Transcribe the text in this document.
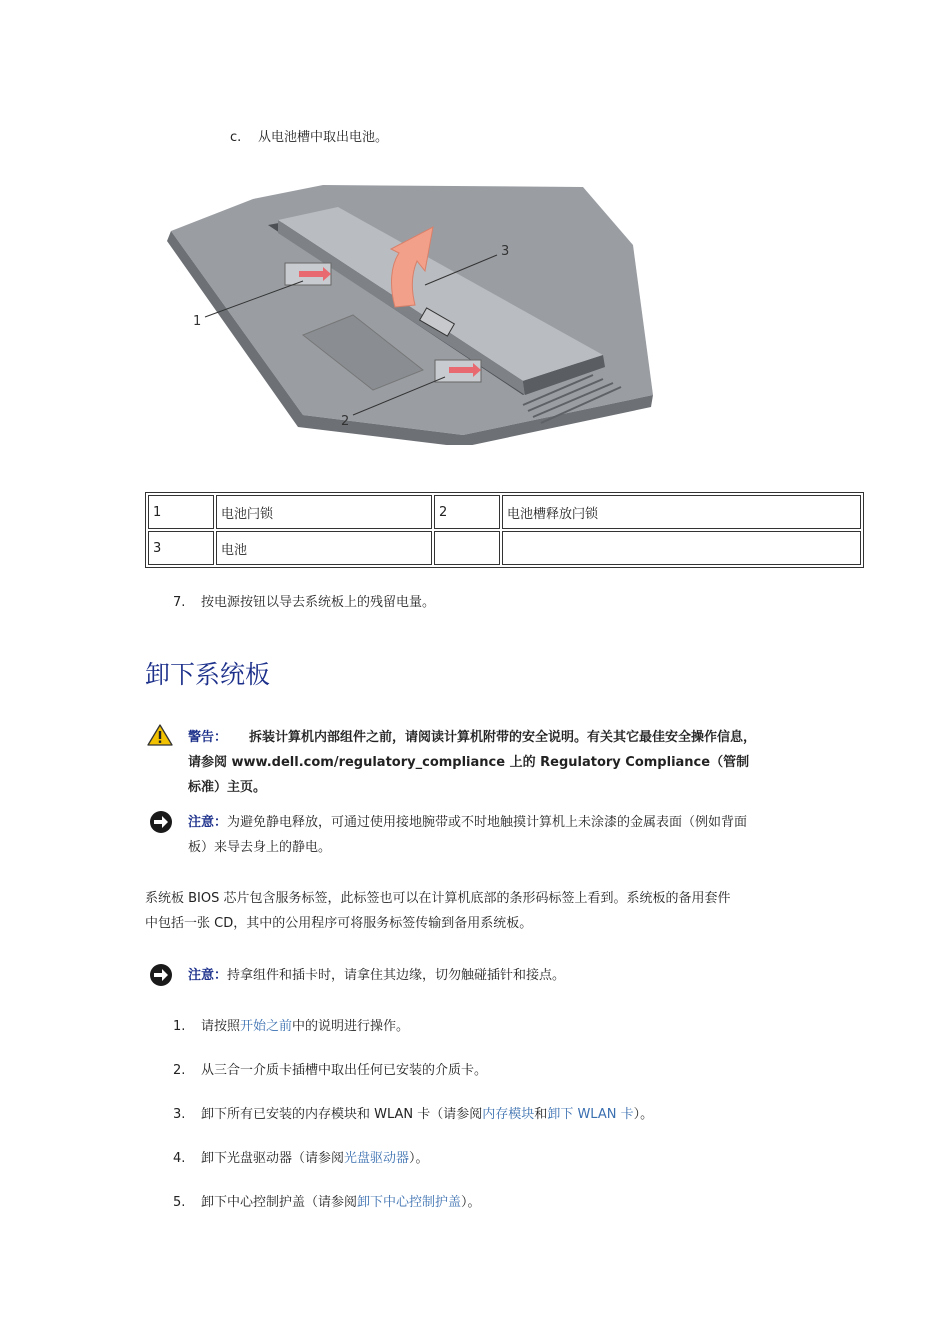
c. 从电池槽中取出电池。
1
2
3
1	电池闩锁	2	电池槽释放闩锁
3	电池		
7. 按电源按钮以导去系统板上的残留电量。
卸下系统板
警告： 拆装计算机内部组件之前，请阅读计算机附带的安全说明。有关其它最佳安全操作信息，
请参阅 www.dell.com/regulatory_compliance 上的 Regulatory Compliance（管制
标准）主页。
注意：为避免静电释放，可通过使用接地腕带或不时地触摸计算机上未涂漆的金属表面（例如背面
板）来导去身上的静电。
系统板 BIOS 芯片包含服务标签，此标签也可以在计算机底部的条形码标签上看到。系统板的备用套件
中包括一张 CD，其中的公用程序可将服务标签传输到备用系统板。
注意：持拿组件和插卡时，请拿住其边缘，切勿触碰插针和接点。
1. 请按照开始之前中的说明进行操作。
2. 从三合一介质卡插槽中取出任何已安装的介质卡。
3. 卸下所有已安装的内存模块和 WLAN 卡（请参阅内存模块和卸下 WLAN 卡）。
4. 卸下光盘驱动器（请参阅光盘驱动器）。
5. 卸下中心控制护盖（请参阅卸下中心控制护盖）。
